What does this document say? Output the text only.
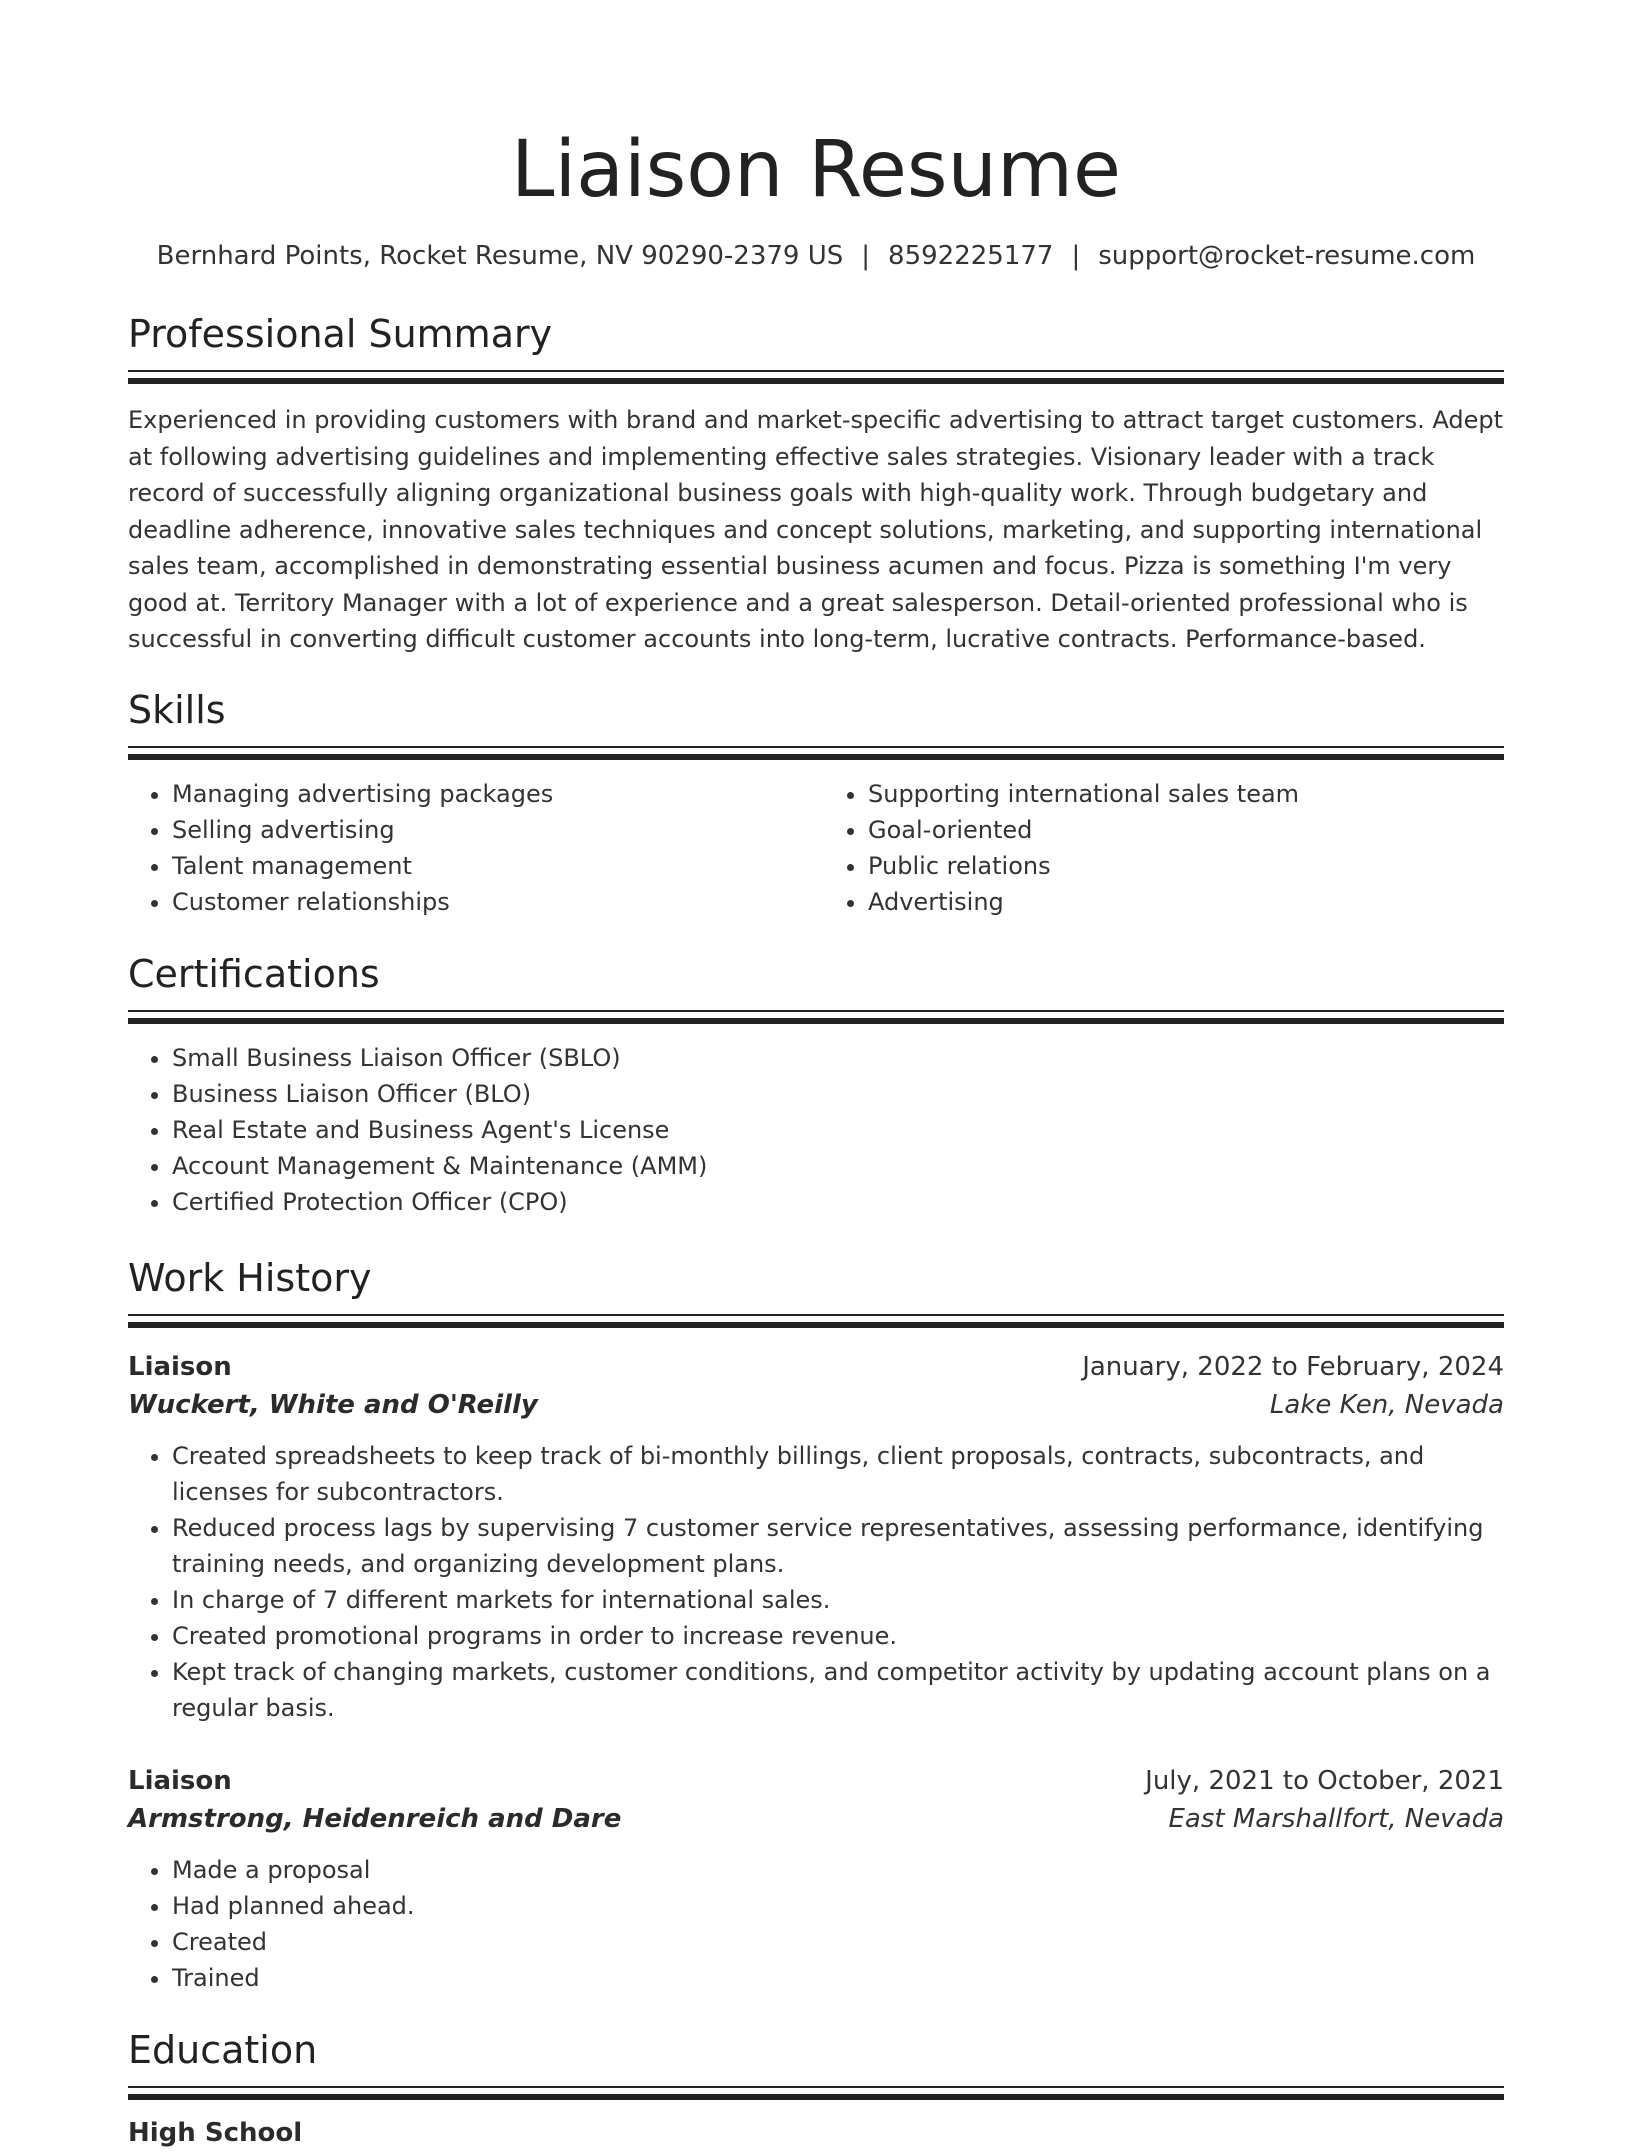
Liaison Resume
Bernhard Points, Rocket Resume, NV 90290-2379 US | 8592225177 | support@rocket-resume.com
Professional Summary

Experienced in providing customers with brand and market-specific advertising to attract target customers. Adept at following advertising guidelines and implementing effective sales strategies. Visionary leader with a track record of successfully aligning organizational business goals with high-quality work. Through budgetary and deadline adherence, innovative sales techniques and concept solutions, marketing, and supporting international sales team, accomplished in demonstrating essential business acumen and focus. Pizza is something I'm very good at. Territory Manager with a lot of experience and a great salesperson. Detail-oriented professional who is successful in converting difficult customer accounts into long-term, lucrative contracts. Performance-based.

Skills
• Managing advertising packages
• Selling advertising
• Talent management
• Customer relationships
• Supporting international sales team
• Goal-oriented
• Public relations
• Advertising
Certifications
• Small Business Liaison Officer (SBLO)
• Business Liaison Officer (BLO)
• Real Estate and Business Agent's License
• Account Management & Maintenance (AMM)
• Certified Protection Officer (CPO)
Work History
Liaison	January, 2022 to February, 2024
Wuckert, White and O'Reilly	Lake Ken, Nevada
• Created spreadsheets to keep track of bi-monthly billings, client proposals, contracts, subcontracts, and licenses for subcontractors.
• Reduced process lags by supervising 7 customer service representatives, assessing performance, identifying training needs, and organizing development plans.
• In charge of 7 different markets for international sales.
• Created promotional programs in order to increase revenue.
• Kept track of changing markets, customer conditions, and competitor activity by updating account plans on a regular basis.
Liaison	July, 2021 to October, 2021
Armstrong, Heidenreich and Dare	East Marshallfort, Nevada
• Made a proposal
• Had planned ahead.
• Created
• Trained
Education
High School
